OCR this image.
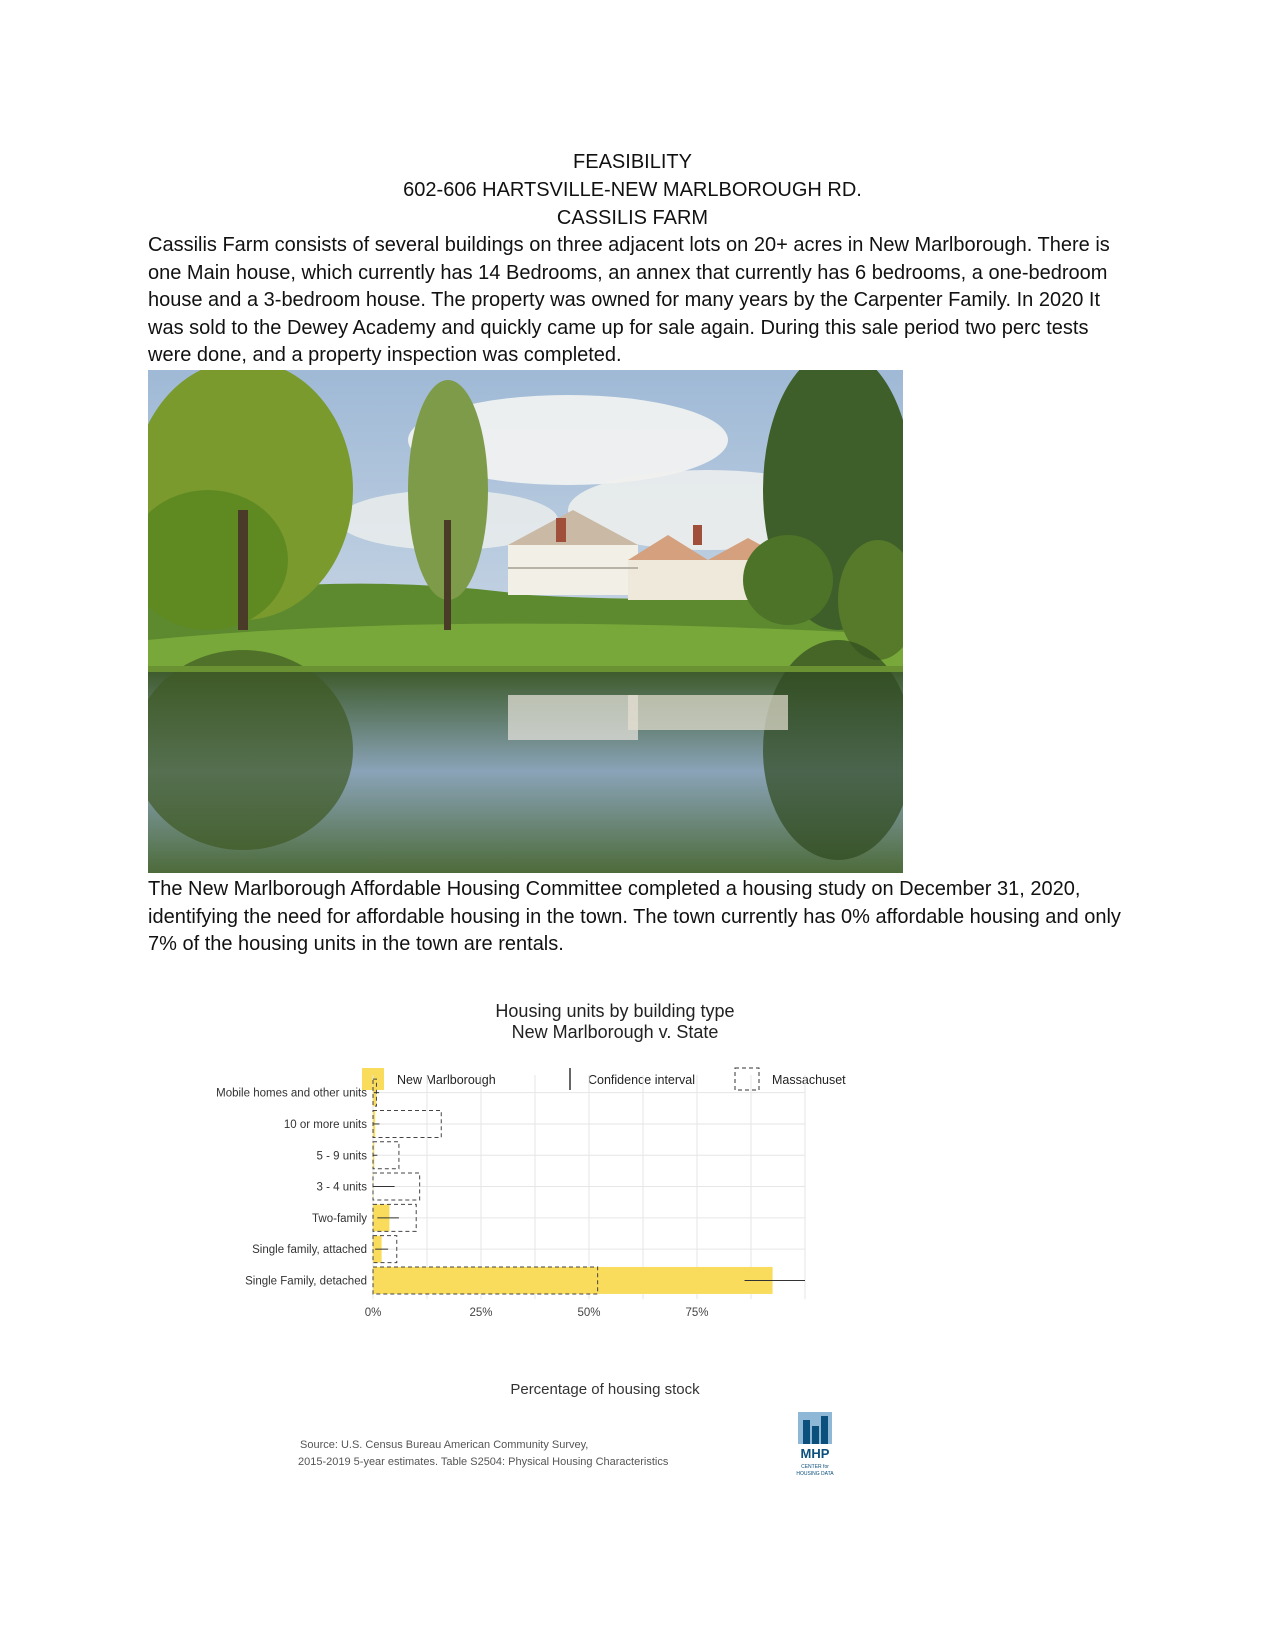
FEASIBILITY
602-606 HARTSVILLE-NEW MARLBOROUGH RD.
CASSILIS FARM
Cassilis Farm consists of several buildings on three adjacent lots on 20+ acres in New Marlborough. There is one Main house, which currently has 14 Bedrooms, an annex that currently has 6 bedrooms, a one-bedroom house and a 3-bedroom house. The property was owned for many years by the Carpenter Family. In 2020 It was sold to the Dewey Academy and quickly came up for sale again. During this sale period two perc tests were done, and a property inspection was completed.
The New Marlborough Affordable Housing Committee completed a housing study on December 31, 2020, identifying the need for affordable housing in the town. The town currently has 0% affordable housing and only 7% of the housing units in the town are rentals.
Housing units by building type
New Marlborough v. State
New Marlborough	Confidence interval	Massachuset
Mobile homes and other units
10 or more units
5 - 9 units
3 - 4 units
Two-family
Single family, attached
Single Family, detached
0%	25%	50%	75%
Percentage of housing stock
Source: U.S. Census Bureau American Community Survey,
2015-2019 5-year estimates. Table S2504: Physical Housing Characteristics
MHP
CENTER for
HOUSING DATA
